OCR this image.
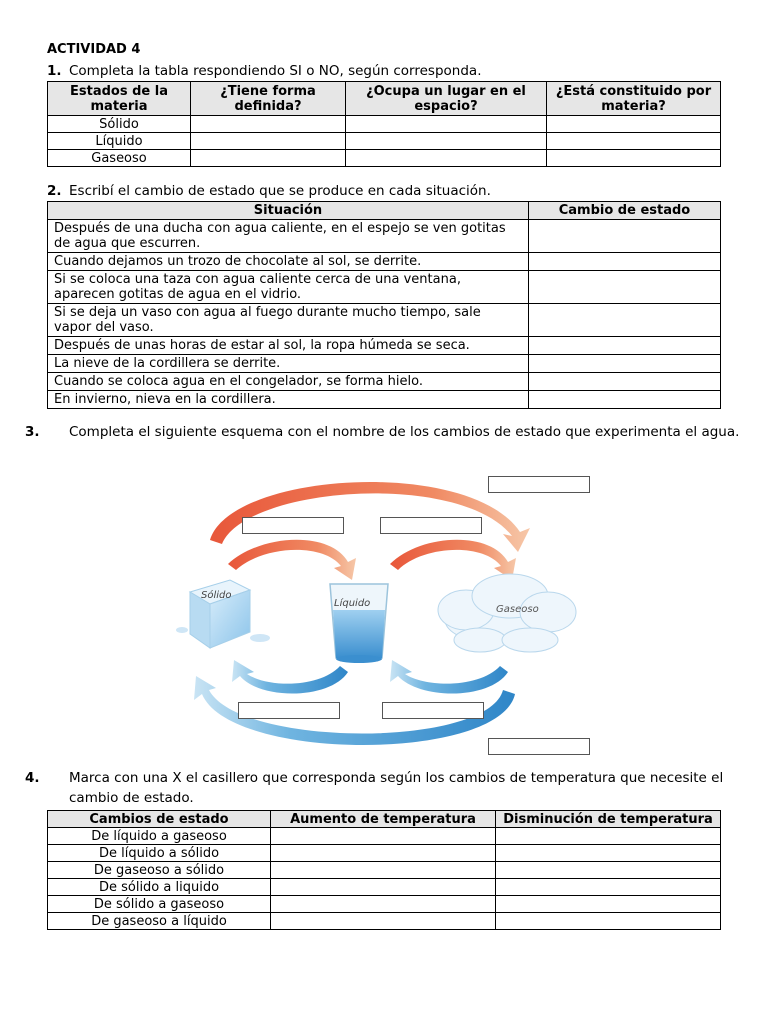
ACTIVIDAD 4
1. Completa la tabla respondiendo SI o NO, según corresponda.
Estados de la materia	¿Tiene forma definida?	¿Ocupa un lugar en el espacio?	¿Está constituido por materia?
Sólido			
Líquido			
Gaseoso			
2. Escribí el cambio de estado que se produce en cada situación.
Situación	Cambio de estado
Después de una ducha con agua caliente, en el espejo se ven gotitas de agua que escurren.	
Cuando dejamos un trozo de chocolate al sol, se derrite.	
Si se coloca una taza con agua caliente cerca de una ventana, aparecen gotitas de agua en el vidrio.	
Si se deja un vaso con agua al fuego durante mucho tiempo, sale vapor del vaso.	
Después de unas horas de estar al sol, la ropa húmeda se seca.	
La nieve de la cordillera se derrite.	
Cuando se coloca agua en el congelador, se forma hielo.	
En invierno, nieva en la cordillera.	
3. Completa el siguiente esquema con el nombre de los cambios de estado que experimenta el agua.
Sólido
Líquido
Gaseoso
4. Marca con una X el casillero que corresponda según los cambios de temperatura que necesite el cambio de estado.
Cambios de estado	Aumento de temperatura	Disminución de temperatura
De líquido a gaseoso		
De líquido a sólido		
De gaseoso a sólido		
De sólido a liquido		
De sólido a gaseoso		
De gaseoso a líquido		
